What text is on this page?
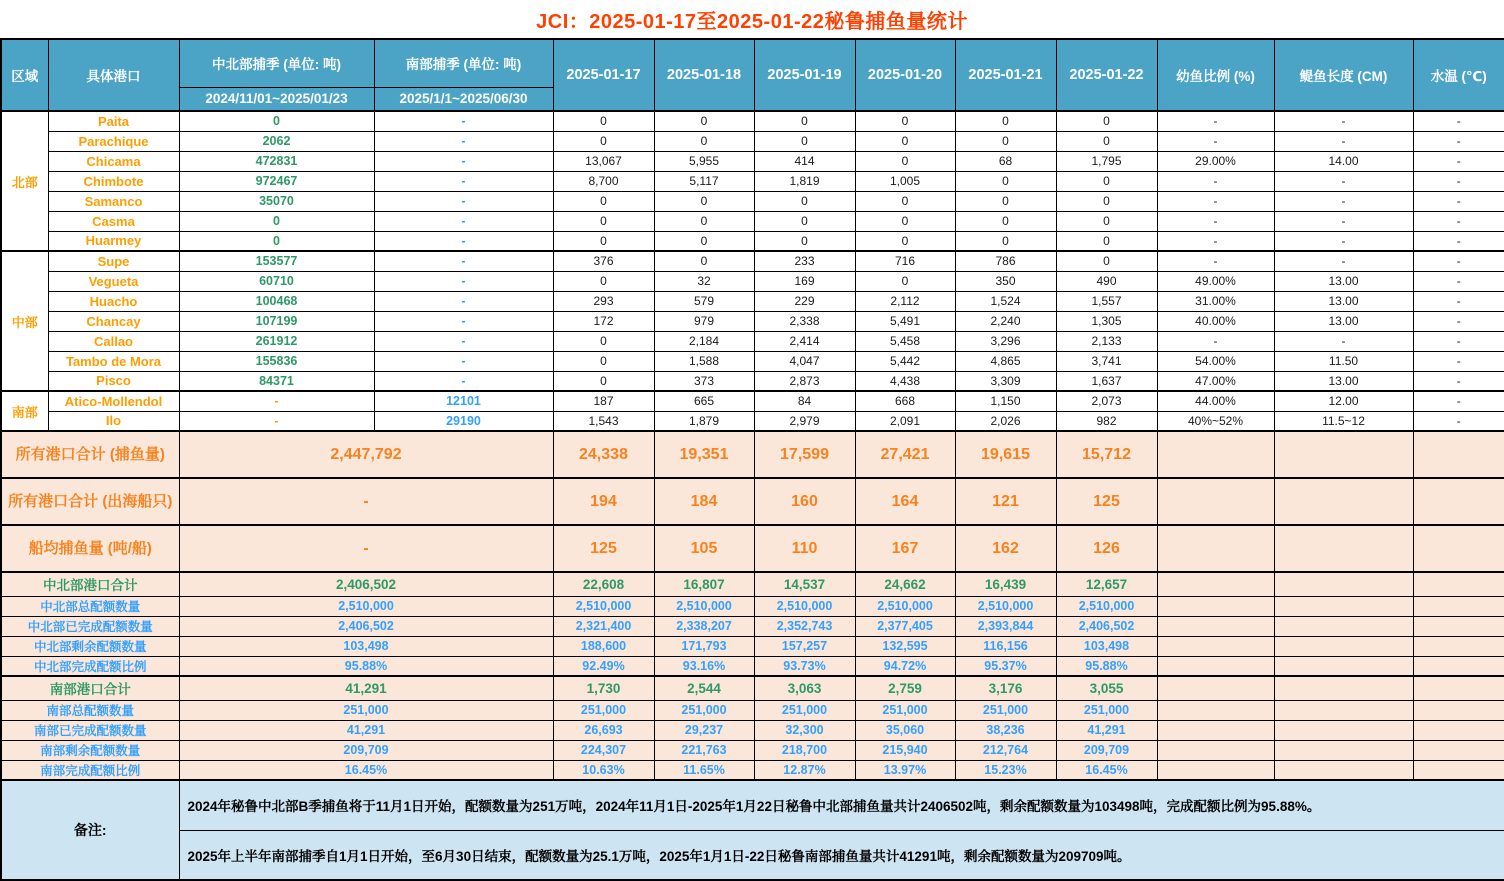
JCI：2025-01-17至2025-01-22秘鲁捕鱼量统计
区域	具体港口	中北部捕季 (单位: 吨)	南部捕季 (单位: 吨)	2025-01-17	2025-01-18	2025-01-19	2025-01-20	2025-01-21	2025-01-22	幼鱼比例 (%)	鳀鱼长度 (CM)	水温 (℃)
		2024/11/01~2025/01/23	2025/1/1~2025/06/30									
北部	Paita	0	-	0	0	0	0	0	0	-	-	-
	Parachique	2062	-	0	0	0	0	0	0	-	-	-
	Chicama	472831	-	13,067	5,955	414	0	68	1,795	29.00%	14.00	-
	Chimbote	972467	-	8,700	5,117	1,819	1,005	0	0	-	-	-
	Samanco	35070	-	0	0	0	0	0	0	-	-	-
	Casma	0	-	0	0	0	0	0	0	-	-	-
	Huarmey	0	-	0	0	0	0	0	0	-	-	-
中部	Supe	153577	-	376	0	233	716	786	0	-	-	-
	Vegueta	60710	-	0	32	169	0	350	490	49.00%	13.00	-
	Huacho	100468	-	293	579	229	2,112	1,524	1,557	31.00%	13.00	-
	Chancay	107199	-	172	979	2,338	5,491	2,240	1,305	40.00%	13.00	-
	Callao	261912	-	0	2,184	2,414	5,458	3,296	2,133	-	-	-
	Tambo de Mora	155836	-	0	1,588	4,047	5,442	4,865	3,741	54.00%	11.50	-
	Pisco	84371	-	0	373	2,873	4,438	3,309	1,637	47.00%	13.00	-
南部	Atico-Mollendol	-	12101	187	665	84	668	1,150	2,073	44.00%	12.00	-
	Ilo	-	29190	1,543	1,879	2,979	2,091	2,026	982	40%~52%	11.5~12	-
所有港口合计 (捕鱼量)		2,447,792		24,338	19,351	17,599	27,421	19,615	15,712			
所有港口合计 (出海船只)		-		194	184	160	164	121	125			
船均捕鱼量 (吨/船)		-		125	105	110	167	162	126			
中北部港口合计		2,406,502		22,608	16,807	14,537	24,662	16,439	12,657			
中北部总配额数量		2,510,000		2,510,000	2,510,000	2,510,000	2,510,000	2,510,000	2,510,000			
中北部已完成配额数量		2,406,502		2,321,400	2,338,207	2,352,743	2,377,405	2,393,844	2,406,502			
中北部剩余配额数量		103,498		188,600	171,793	157,257	132,595	116,156	103,498			
中北部完成配额比例		95.88%		92.49%	93.16%	93.73%	94.72%	95.37%	95.88%			
南部港口合计		41,291		1,730	2,544	3,063	2,759	3,176	3,055			
南部总配额数量		251,000		251,000	251,000	251,000	251,000	251,000	251,000			
南部已完成配额数量		41,291		26,693	29,237	32,300	35,060	38,236	41,291			
南部剩余配额数量		209,709		224,307	221,763	218,700	215,940	212,764	209,709			
南部完成配额比例		16.45%		10.63%	11.65%	12.87%	13.97%	15.23%	16.45%			
备注:		2024年秘鲁中北部B季捕鱼将于11月1日开始，配额数量为251万吨，2024年11月1日-2025年1月22日秘鲁中北部捕鱼量共计2406502吨，剩余配额数量为103498吨，完成配额比例为95.88%。										
		2025年上半年南部捕季自1月1日开始，至6月30日结束，配额数量为25.1万吨，2025年1月1日-22日秘鲁南部捕鱼量共计41291吨，剩余配额数量为209709吨。										
